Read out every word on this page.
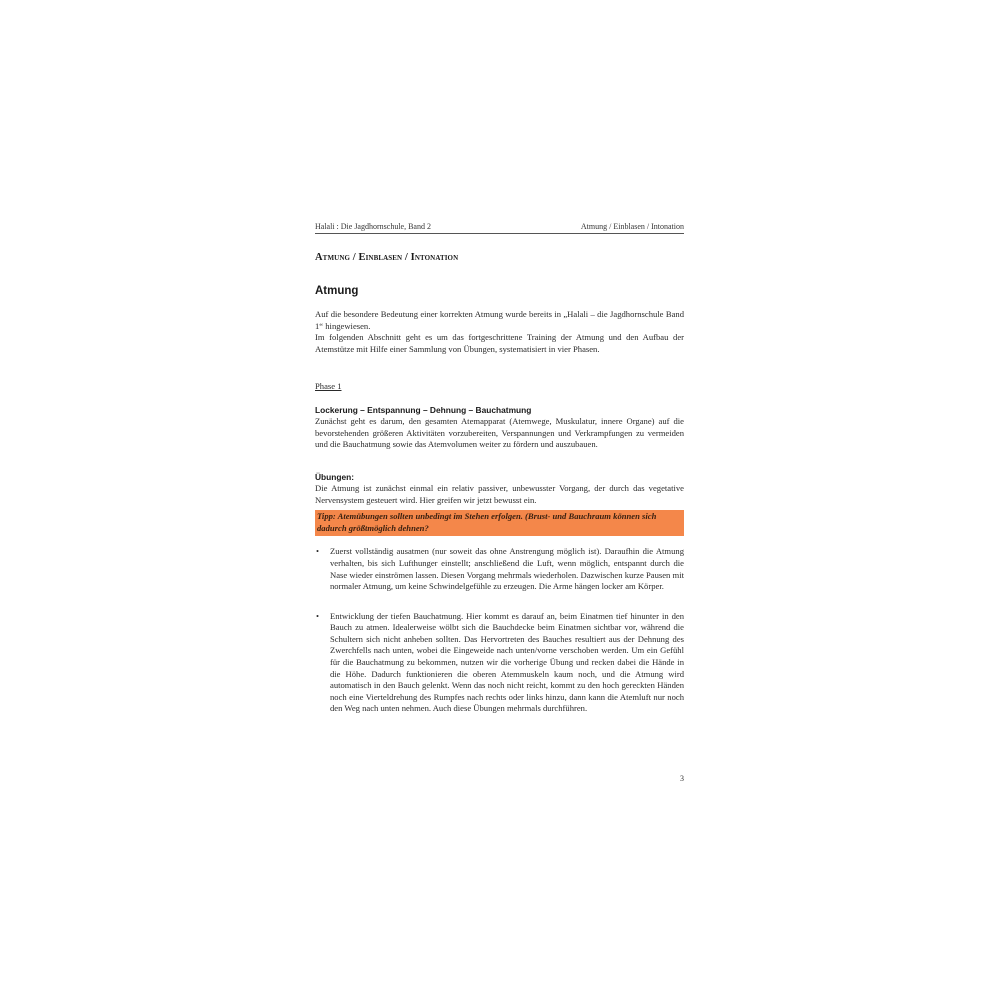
Halali : Die Jagdhornschule, Band 2	Atmung / Einblasen / Intonation
Atmung / Einblasen / Intonation
Atmung

Auf die besondere Bedeutung einer korrekten Atmung wurde bereits in „Halali – die Jagdhornschule Band 1“ hingewiesen.

Im folgenden Abschnitt geht es um das fortgeschrittene Training der Atmung und den Aufbau der Atemstütze mit Hilfe einer Sammlung von Übungen, systematisiert in vier Phasen.

Phase 1
Lockerung – Entspannung – Dehnung – Bauchatmung

Zunächst geht es darum, den gesamten Atemapparat (Atemwege, Muskulatur, innere Organe) auf die bevorstehenden größeren Aktivitäten vorzubereiten, Verspannungen und Verkrampfungen zu vermeiden und die Bauchatmung sowie das Atemvolumen weiter zu fördern und auszubauen.

Übungen:

Die Atmung ist zunächst einmal ein relativ passiver, unbewusster Vorgang, der durch das vegetative Nervensystem gesteuert wird. Hier greifen wir jetzt bewusst ein.

Tipp: Atemübungen sollten unbedingt im Stehen erfolgen. (Brust- und Bauchraum können sich dadurch größtmöglich dehnen?
•	Zuerst vollständig ausatmen (nur soweit das ohne Anstrengung möglich ist). Daraufhin die Atmung verhalten, bis sich Lufthunger einstellt; anschließend die Luft, wenn möglich, entspannt durch die Nase wieder einströmen lassen. Diesen Vorgang mehrmals wiederholen. Dazwischen kurze Pausen mit normaler Atmung, um keine Schwindelgefühle zu erzeugen. Die Arme hängen locker am Körper.
•	Entwicklung der tiefen Bauchatmung. Hier kommt es darauf an, beim Einatmen tief hinunter in den Bauch zu atmen. Idealerweise wölbt sich die Bauchdecke beim Einatmen sichtbar vor, während die Schultern sich nicht anheben sollten. Das Hervortreten des Bauches resultiert aus der Dehnung des Zwerchfells nach unten, wobei die Eingeweide nach unten/vorne verschoben werden. Um ein Gefühl für die Bauchatmung zu bekommen, nutzen wir die vorherige Übung und recken dabei die Hände in die Höhe. Dadurch funktionieren die oberen Atemmuskeln kaum noch, und die Atmung wird automatisch in den Bauch gelenkt. Wenn das noch nicht reicht, kommt zu den hoch gereckten Händen noch eine Vierteldrehung des Rumpfes nach rechts oder links hinzu, dann kann die Atemluft nur noch den Weg nach unten nehmen. Auch diese Übungen mehrmals durchführen.
3
